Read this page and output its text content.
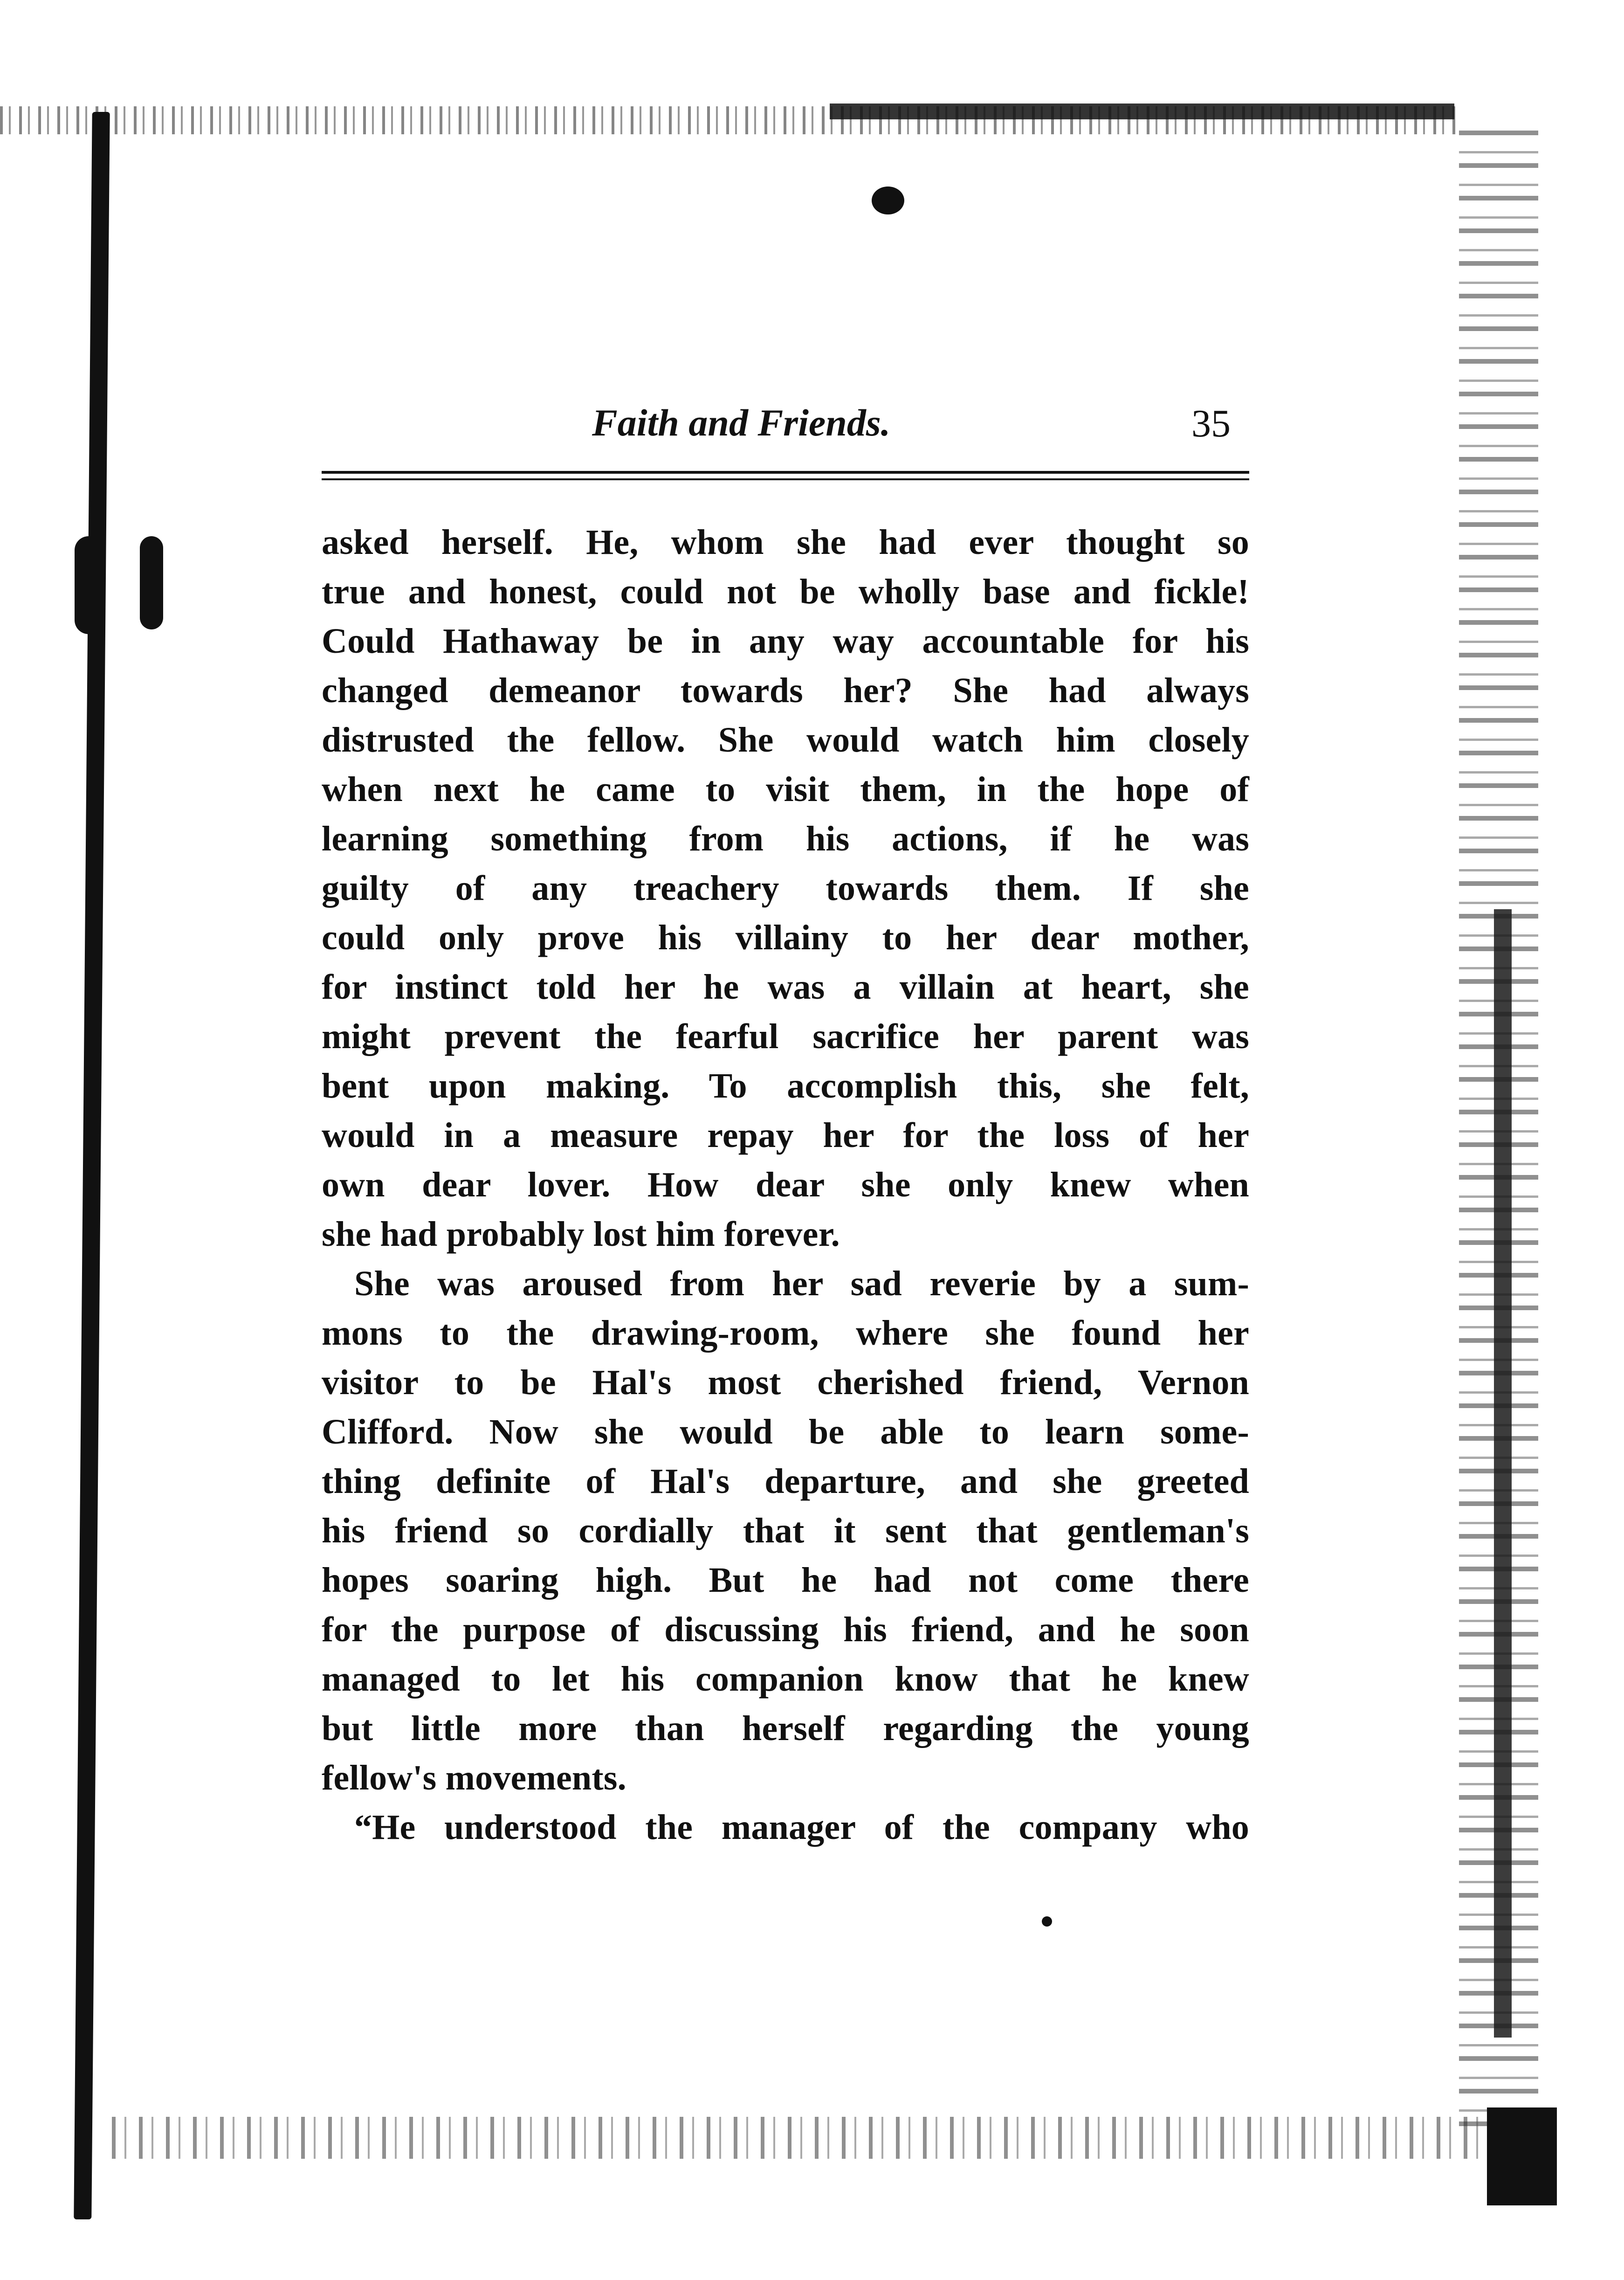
Faith and Friends.	35
asked herself. He, whom she had ever thought so
true and honest, could not be wholly base and fickle!
Could Hathaway be in any way accountable for his
changed demeanor towards her? She had always
distrusted the fellow. She would watch him closely
when next he came to visit them, in the hope of
learning something from his actions, if he was
guilty of any treachery towards them. If she
could only prove his villainy to her dear mother,
for instinct told her he was a villain at heart, she
might prevent the fearful sacrifice her parent was
bent upon making. To accomplish this, she felt,
would in a measure repay her for the loss of her
own dear lover. How dear she only knew when
she had probably lost him forever.
She was aroused from her sad reverie by a sum-
mons to the drawing-room, where she found her
visitor to be Hal's most cherished friend, Vernon
Clifford. Now she would be able to learn some-
thing definite of Hal's departure, and she greeted
his friend so cordially that it sent that gentleman's
hopes soaring high. But he had not come there
for the purpose of discussing his friend, and he soon
managed to let his companion know that he knew
but little more than herself regarding the young
fellow's movements.
“He understood the manager of the company who
